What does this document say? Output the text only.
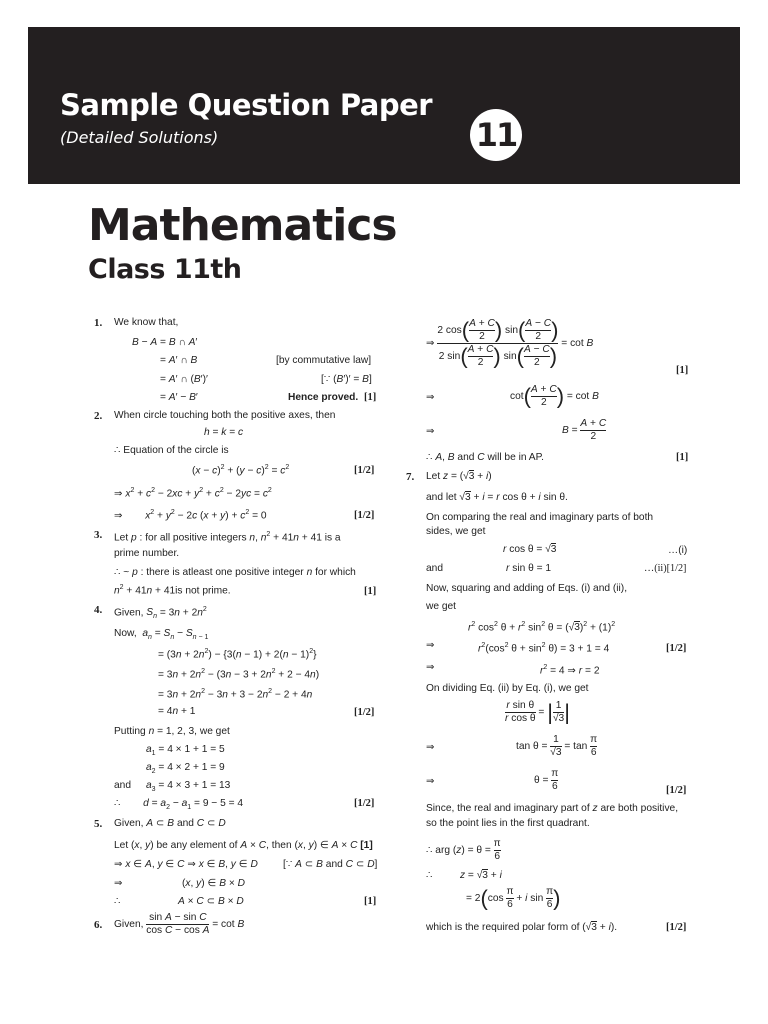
Sample Question Paper
11
(Detailed Solutions)
Mathematics
Class 11th
1. We know that,
B − A = B ∩ A′
= A′ ∩ B	[by commutative law]
= A′ ∩ (B′)′	[∵ (B′)′ = B]
= A′ − B′	Hence proved. [1]
2. When circle touching both the positive axes, then
h = k = c
∴ Equation of the circle is
$(x - c)^2 + (y - c)^2 = c^2$	[1/2]
⇒ $x^2 + c^2 - 2xc + y^2 + c^2 - 2yc = c^2$
⇒        $x^2 + y^2 - 2c$ $(x + y) + c^2 = 0$	[1/2]
3. Let p : for all positive integers n, $n^2 + 41n + 41$ is a
prime number.
∴ ~ p : there is atleast one positive integer n for which
$n^2 + 41n + 41is$ not prime.	[1]
4. Given, $S_n = 3n + 2n^2$
Now, $a_n = S_n - S_{n - 1}$
= $(3n + 2n^2) - \{3(n - 1) + 2(n - 1)^2\}$
= $3n + 2n^2 - (3n - 3 + 2n^2 + 2 - 4n)$
= $3n + 2n^2 - 3n + 3 - 2n^2 - 2 + 4n$
= 4n + 1	[1/2]
Putting n = 1, 2, 3, we get
$a_1 = 4 \times 1 + 1 = 5$
$a_2 = 4 \times 2 + 1 = 9$
and $a_3 = 4 \times 3 + 1 = 13$
∴        $d = a_2 - a_1 = 9 - 5 = 4$	[1/2]
5. Given, A ⊂ B and C ⊂ D
Let (x, y) be any element of A × C, then (x, y) ∈ A × C [1]
⇒ x ∈ A, y ∈ C ⇒ x ∈ B, y ∈ D [∵ A ⊂ B and C ⊂ D]
⇒	(x, y) ∈ B × D
∴	A × C ⊂ B × D	[1]
6. Given, $\frac{\text{sin A − sin C}}{\text{cos C − cos A}} = \cot B$
⇒ $\frac{2 \cos( \frac{A + C}{2} ) \sin( \frac{A - C}{2} )}{2 \sin( \frac{A + C}{2} ) \sin( \frac{A - C}{2} )} = \cot B$
[1]
⇒	$\cot( \frac{A + C}{2}$ ) = cot B
⇒	$B = \frac{A + C}{2}$
∴ A, B and C will be in AP.	[1]
7. Let z = (√3 + i)
and let √3 + i = r cos θ + i sin θ.
On comparing the real and imaginary parts of both
sides, we get
r cos θ = √3	…(i)
and	r sin θ = 1	…(ii)[1/2]
Now, squaring and adding of Eqs. (i) and (ii),
we get
$r^2$ $\cos^2 \theta + r^2$ $\sin^2 \theta = (√3)^2 + (1)^2$
⇒	$r^2(\cos^2$ $\theta + \sin^2 \theta) = 3 + 1 = 4$	[1/2]
⇒	$r^2 = 4$ ⇒ r = 2
On dividing Eq. (ii) by Eq. (i), we get
$\frac{\text{r sin θ}}{\text{r cos θ}}$ = | $\frac{1}{√3}$ |
⇒	$\tan \theta = \frac{1}{√3} = \tan \frac{\pi}{6}$
⇒	$\theta = \frac{\pi}{6}$	[1/2]
Since, the real and imaginary part of z are both positive,
so the point lies in the first quadrant.
∴ arg $(z) = \theta = \frac{\pi}{6}$
∴	z = √3 + i
= $2(\cos \frac{\pi}{6} + i$ $\sin \frac{\pi}{6}$ )
which is the required polar form of (√3 + i).	[1/2]
